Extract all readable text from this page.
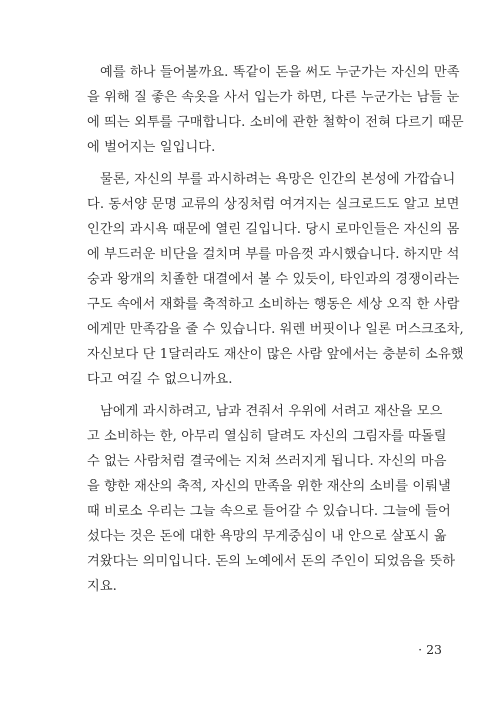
예를 하나 들어볼까요. 똑같이 돈을 써도 누군가는 자신의 만족
을 위해 질 좋은 속옷을 사서 입는가 하면, 다른 누군가는 남들 눈
에 띄는 외투를 구매합니다. 소비에 관한 철학이 전혀 다르기 때문
에 벌어지는 일입니다.

물론, 자신의 부를 과시하려는 욕망은 인간의 본성에 가깝습니
다. 동서양 문명 교류의 상징처럼 여겨지는 실크로드도 알고 보면
인간의 과시욕 때문에 열린 길입니다. 당시 로마인들은 자신의 몸
에 부드러운 비단을 걸치며 부를 마음껏 과시했습니다. 하지만 석
숭과 왕개의 치졸한 대결에서 볼 수 있듯이, 타인과의 경쟁이라는
구도 속에서 재화를 축적하고 소비하는 행동은 세상 오직 한 사람
에게만 만족감을 줄 수 있습니다. 워렌 버핏이나 일론 머스크조차,
자신보다 단 1달러라도 재산이 많은 사람 앞에서는 충분히 소유했
다고 여길 수 없으니까요.

남에게 과시하려고, 남과 견줘서 우위에 서려고 재산을 모으
고 소비하는 한, 아무리 열심히 달려도 자신의 그림자를 따돌릴
수 없는 사람처럼 결국에는 지쳐 쓰러지게 됩니다. 자신의 마음
을 향한 재산의 축적, 자신의 만족을 위한 재산의 소비를 이뤄낼
때 비로소 우리는 그늘 속으로 들어갈 수 있습니다. 그늘에 들어
섰다는 것은 돈에 대한 욕망의 무게중심이 내 안으로 살포시 옮
겨왔다는 의미입니다. 돈의 노예에서 돈의 주인이 되었음을 뜻하
지요.

· 23
